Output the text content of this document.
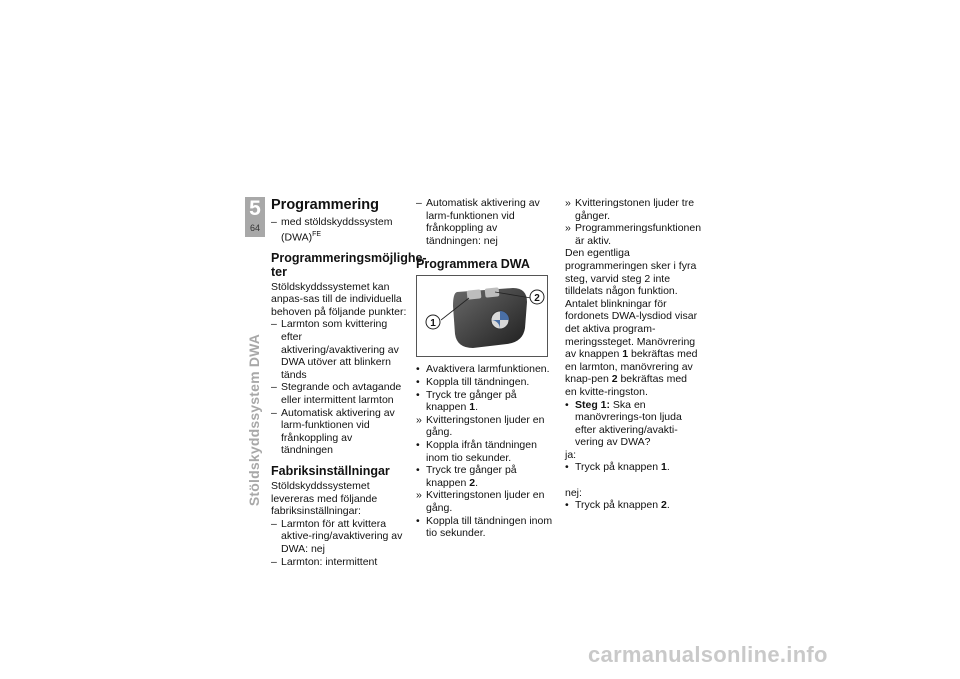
5
64
Stöldskyddssystem DWA
Programmering
– med stöldskyddssystem (DWA)$^{FE}$
Programmeringsmöjlighe-ter

Stöldskyddssystemet kan anpas-sas till de individuella behoven på följande punkter:

– Larmton som kvittering efter aktivering/avaktivering av DWA utöver att blinkern tänds
– Stegrande och avtagande eller intermittent larmton
– Automatisk aktivering av larm-funktionen vid frånkoppling av tändningen
Fabriksinställningar

Stöldskyddssystemet levereras med följande fabriksinställningar:

– Larmton för att kvittera aktive-ring/avaktivering av DWA: nej
– Larmton: intermittent
– Automatisk aktivering av larm-funktionen vid frånkoppling av tändningen: nej
Programmera DWA
1
2
• Avaktivera larmfunktionen.
• Koppla till tändningen.
• Tryck tre gånger på knappen 1.
» Kvitteringstonen ljuder en gång.
• Koppla ifrån tändningen inom tio sekunder.
• Tryck tre gånger på knappen 2.
» Kvitteringstonen ljuder en gång.
• Koppla till tändningen inom tio sekunder.
» Kvitteringstonen ljuder tre gånger.
» Programmeringsfunktionen är aktiv.

Den egentliga programmeringen sker i fyra steg, varvid steg 2 inte tilldelats någon funktion. Antalet blinkningar för fordonets DWA-lysdiod visar det aktiva program-meringssteget. Manövrering av knappen 1 bekräftas med en larmton, manövrering av knap-pen 2 bekräftas med en kvitte-ringston.

• Steg 1: Ska en manövrerings-ton ljuda efter aktivering/avakti-vering av DWA?

ja:

• Tryck på knappen 1.

nej:

• Tryck på knappen 2.
carmanualsonline.info
